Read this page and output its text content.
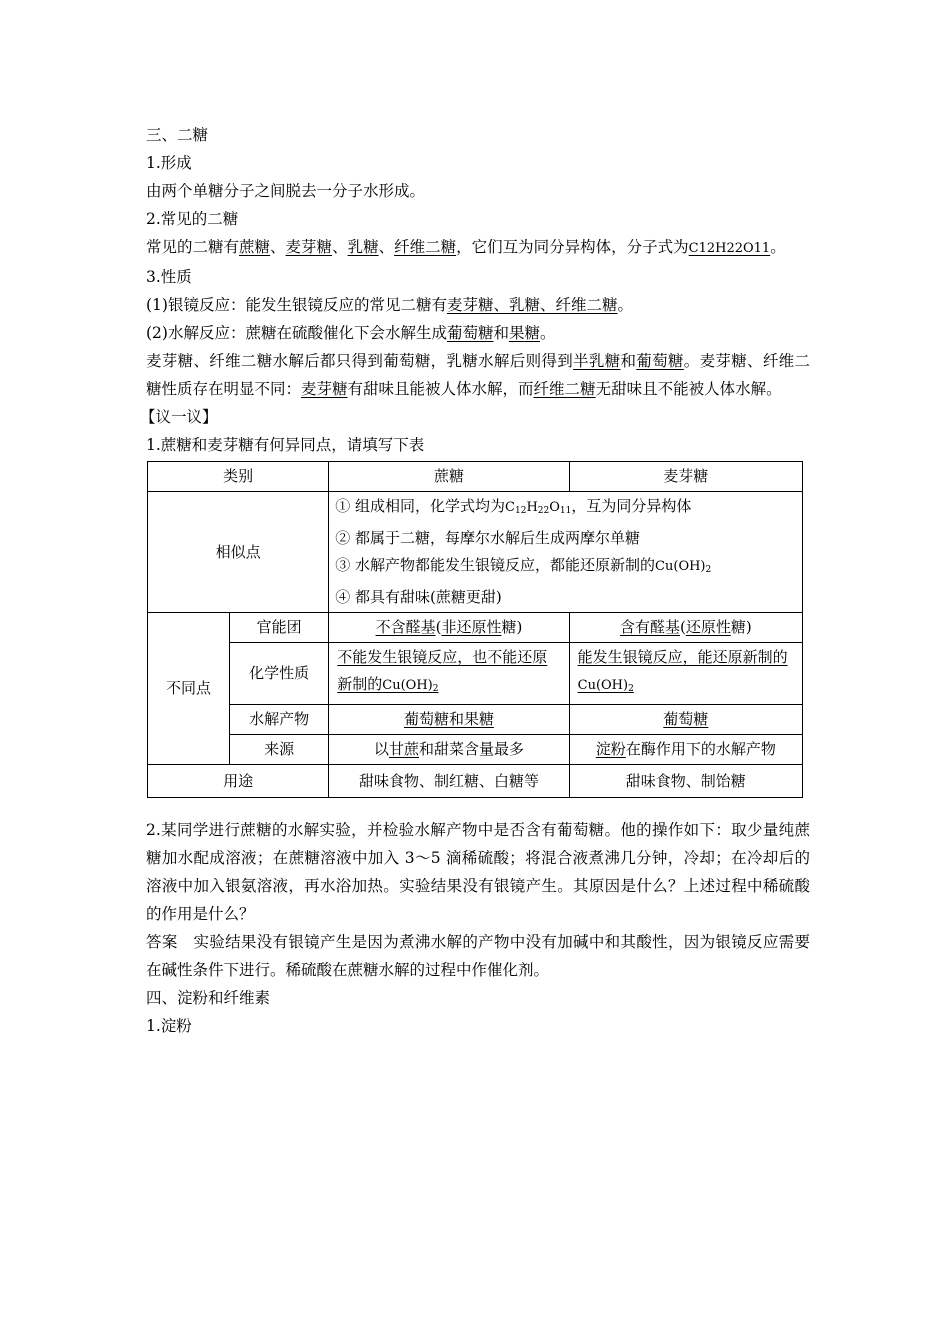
三、二糖
1.形成
由两个单糖分子之间脱去一分子水形成。
2.常见的二糖
常见的二糖有蔗糖、麦芽糖、乳糖、纤维二糖，它们互为同分异构体，分子式为C12H22O11。
3.性质
(1)银镜反应：能发生银镜反应的常见二糖有麦芽糖、乳糖、纤维二糖。
(2)水解反应：蔗糖在硫酸催化下会水解生成葡萄糖和果糖。
麦芽糖、纤维二糖水解后都只得到葡萄糖，乳糖水解后则得到半乳糖和葡萄糖。麦芽糖、纤维二糖性质存在明显不同：麦芽糖有甜味且能被人体水解，而纤维二糖无甜味且不能被人体水解。
【议一议】
1.蔗糖和麦芽糖有何异同点，请填写下表
类别		蔗糖	麦芽糖
相似点		① 组成相同，化学式均为$C_{12}H_{22}O_{11}$，互为同分异构体
② 都属于二糖，每摩尔水解后生成两摩尔单糖
③ 水解产物都能发生银镜反应，都能还原新制的$Cu(OH)_2$
④ 都具有甜味(蔗糖更甜)	

不同点	官能团	不含醛基(非还原性糖)	含有醛基(还原性糖)
	化学性质	不能发生银镜反应，也不能还原新制的$Cu(OH)_2$	能发生银镜反应，能还原新制的$Cu(OH)_2$
	水解产物	葡萄糖和果糖	葡萄糖
	来源	以甘蔗和甜菜含量最多	淀粉在酶作用下的水解产物
用途		甜味食物、制红糖、白糖等	甜味食物、制饴糖
2.某同学进行蔗糖的水解实验，并检验水解产物中是否含有葡萄糖。他的操作如下：取少量纯蔗糖加水配成溶液；在蔗糖溶液中加入 3～5 滴稀硫酸；将混合液煮沸几分钟，冷却；在冷却后的溶液中加入银氨溶液，再水浴加热。实验结果没有银镜产生。其原因是什么？上述过程中稀硫酸的作用是什么？
答案　实验结果没有银镜产生是因为煮沸水解的产物中没有加碱中和其酸性，因为银镜反应需要在碱性条件下进行。稀硫酸在蔗糖水解的过程中作催化剂。
四、淀粉和纤维素
1.淀粉
